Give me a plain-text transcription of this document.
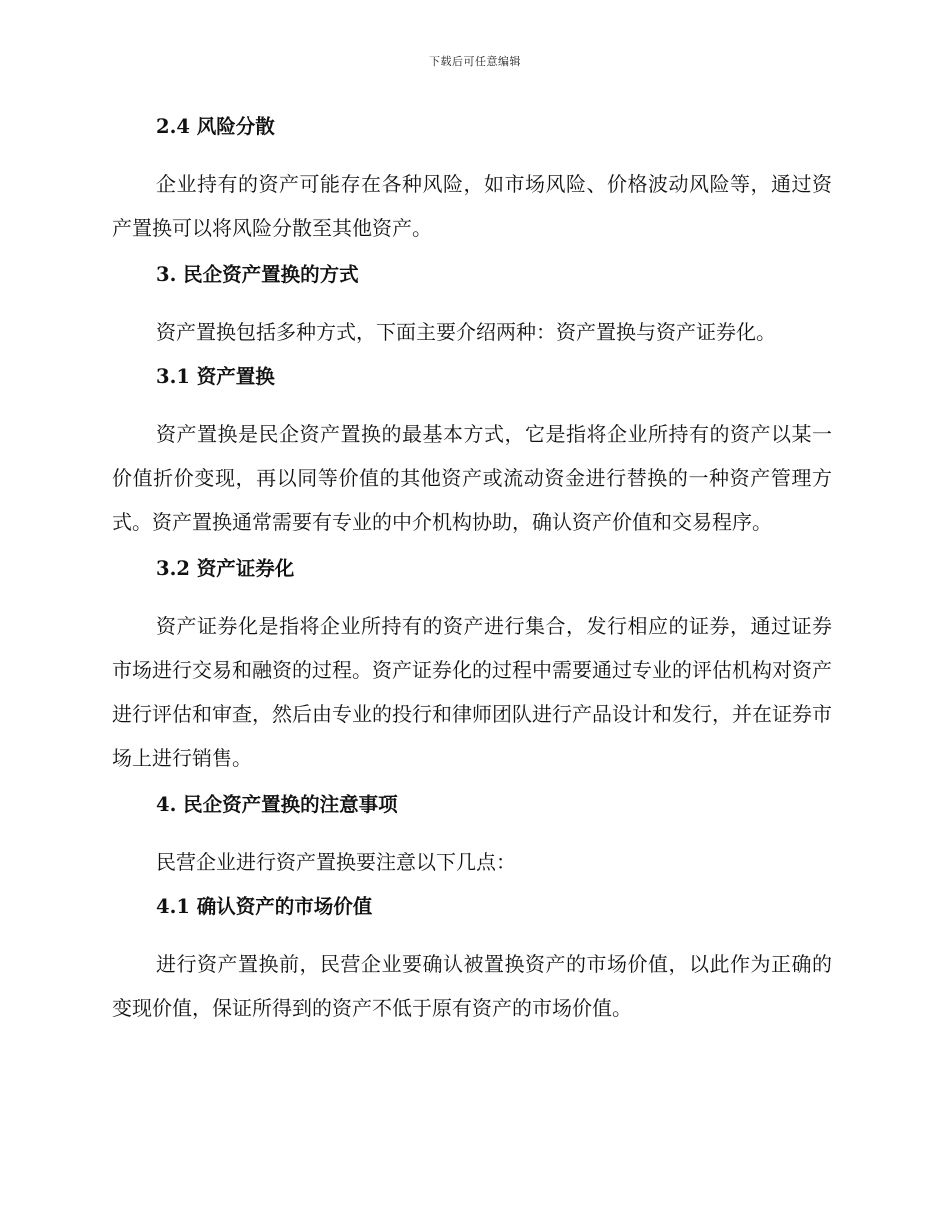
下载后可任意编辑
2.4 风险分散
企业持有的资产可能存在各种风险，如市场风险、价格波动风险等，通过资产置换可以将风险分散至其他资产。
3. 民企资产置换的方式
资产置换包括多种方式，下面主要介绍两种：资产置换与资产证券化。
3.1 资产置换
资产置换是民企资产置换的最基本方式，它是指将企业所持有的资产以某一价值折价变现，再以同等价值的其他资产或流动资金进行替换的一种资产管理方式。资产置换通常需要有专业的中介机构协助，确认资产价值和交易程序。
3.2 资产证券化
资产证券化是指将企业所持有的资产进行集合，发行相应的证券，通过证券市场进行交易和融资的过程。资产证券化的过程中需要通过专业的评估机构对资产进行评估和审查，然后由专业的投行和律师团队进行产品设计和发行，并在证券市场上进行销售。
4. 民企资产置换的注意事项
民营企业进行资产置换要注意以下几点：
4.1 确认资产的市场价值
进行资产置换前，民营企业要确认被置换资产的市场价值，以此作为正确的变现价值，保证所得到的资产不低于原有资产的市场价值。
